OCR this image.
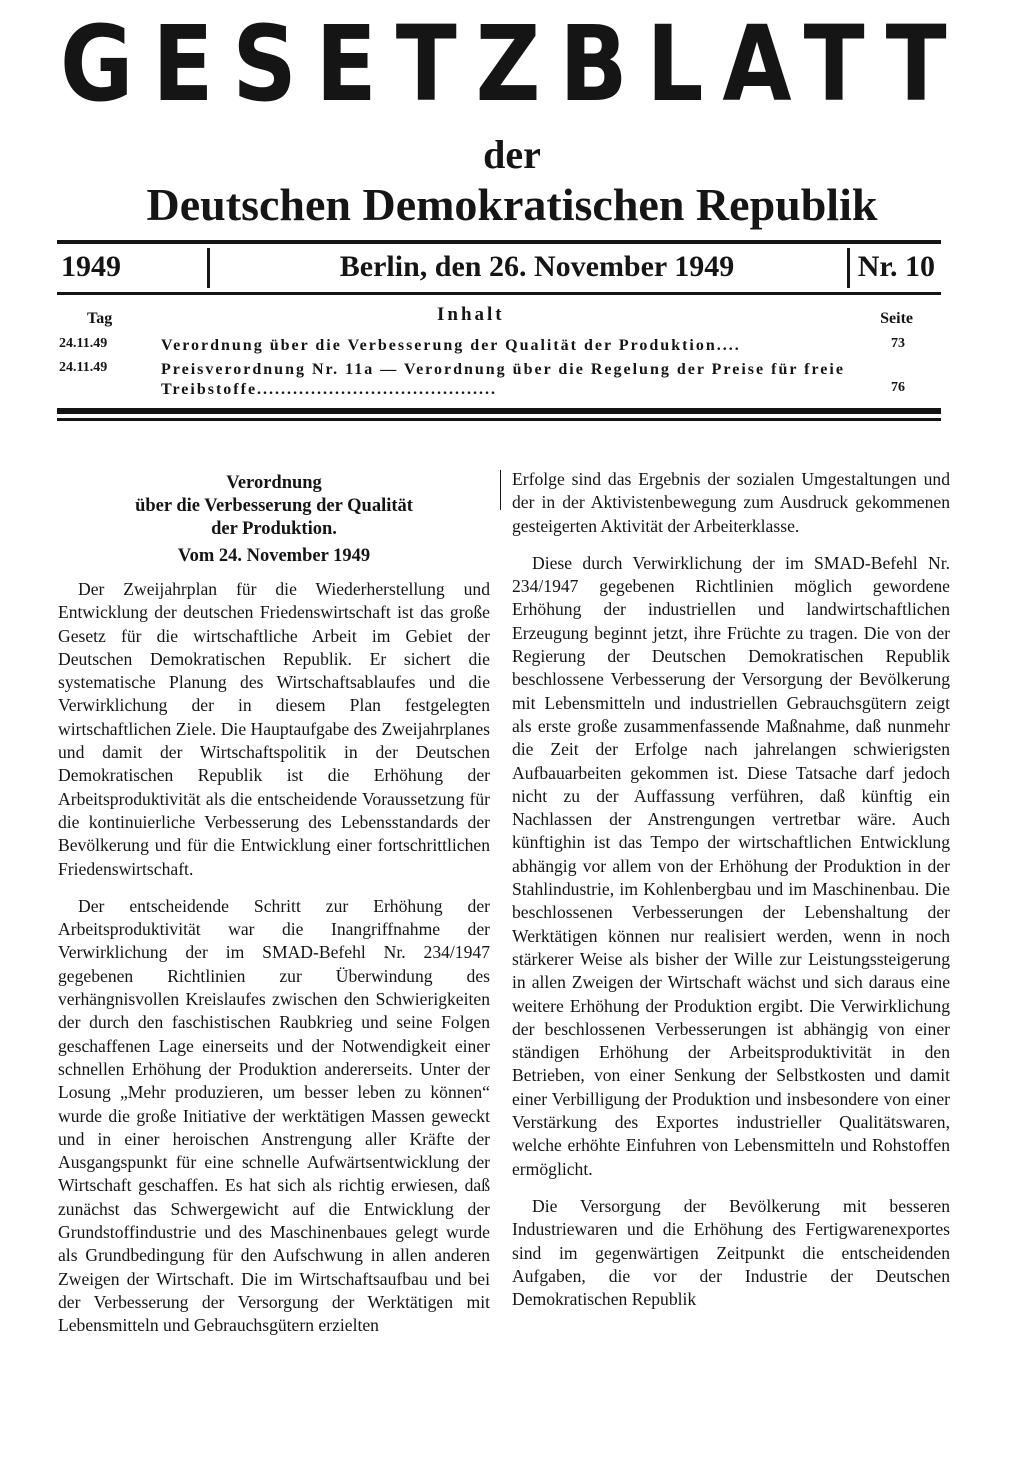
GESETZBLATT
der
Deutschen Demokratischen Republik
1949	Berlin, den 26. November 1949	Nr. 10
Tag	Inhalt	Seite
24.11.49	Verordnung über die Verbesserung der Qualität der Produktion....	73
24.11.49	Preisverordnung Nr. 11a — Verordnung über die Regelung der Preise für freie Treibstoffe........................................	76
Verordnung
über die Verbesserung der Qualität
der Produktion.
Vom 24. November 1949

Der Zweijahrplan für die Wiederherstellung und Entwicklung der deutschen Friedenswirtschaft ist das große Gesetz für die wirtschaftliche Arbeit im Gebiet der Deutschen Demokratischen Republik. Er sichert die systematische Planung des Wirtschaftsablaufes und die Verwirklichung der in diesem Plan festgelegten wirtschaftlichen Ziele. Die Hauptaufgabe des Zweijahrplanes und damit der Wirtschaftspolitik in der Deutschen Demokratischen Republik ist die Erhöhung der Arbeitsproduktivität als die entscheidende Voraussetzung für die kontinuierliche Verbesserung des Lebensstandards der Bevölkerung und für die Entwicklung einer fortschrittlichen Friedenswirtschaft.

Der entscheidende Schritt zur Erhöhung der Arbeitsproduktivität war die Inangriffnahme der Verwirklichung der im SMAD-Befehl Nr. 234/1947 gegebenen Richtlinien zur Überwindung des verhängnisvollen Kreislaufes zwischen den Schwierigkeiten der durch den faschistischen Raubkrieg und seine Folgen geschaffenen Lage einerseits und der Notwendigkeit einer schnellen Erhöhung der Produktion andererseits. Unter der Losung „Mehr produzieren, um besser leben zu können“ wurde die große Initiative der werktätigen Massen geweckt und in einer heroischen Anstrengung aller Kräfte der Ausgangspunkt für eine schnelle Aufwärtsentwicklung der Wirtschaft geschaffen. Es hat sich als richtig erwiesen, daß zunächst das Schwergewicht auf die Entwicklung der Grundstoffindustrie und des Maschinenbaues gelegt wurde als Grundbedingung für den Aufschwung in allen anderen Zweigen der Wirtschaft. Die im Wirtschaftsaufbau und bei der Verbesserung der Versorgung der Werktätigen mit Lebensmitteln und Gebrauchsgütern erzielten

Erfolge sind das Ergebnis der sozialen Umgestaltungen und der in der Aktivistenbewegung zum Ausdruck gekommenen gesteigerten Aktivität der Arbeiterklasse.

Diese durch Verwirklichung der im SMAD-Befehl Nr. 234/1947 gegebenen Richtlinien möglich gewordene Erhöhung der industriellen und landwirtschaftlichen Erzeugung beginnt jetzt, ihre Früchte zu tragen. Die von der Regierung der Deutschen Demokratischen Republik beschlossene Verbesserung der Versorgung der Bevölkerung mit Lebensmitteln und industriellen Gebrauchsgütern zeigt als erste große zusammenfassende Maßnahme, daß nunmehr die Zeit der Erfolge nach jahrelangen schwierigsten Aufbauarbeiten gekommen ist. Diese Tatsache darf jedoch nicht zu der Auffassung verführen, daß künftig ein Nachlassen der Anstrengungen vertretbar wäre. Auch künftighin ist das Tempo der wirtschaftlichen Entwicklung abhängig vor allem von der Erhöhung der Produktion in der Stahlindustrie, im Kohlenbergbau und im Maschinenbau. Die beschlossenen Verbesserungen der Lebenshaltung der Werktätigen können nur realisiert werden, wenn in noch stärkerer Weise als bisher der Wille zur Leistungssteigerung in allen Zweigen der Wirtschaft wächst und sich daraus eine weitere Erhöhung der Produktion ergibt. Die Verwirklichung der beschlossenen Verbesserungen ist abhängig von einer ständigen Erhöhung der Arbeitsproduktivität in den Betrieben, von einer Senkung der Selbstkosten und damit einer Verbilligung der Produktion und insbesondere von einer Verstärkung des Exportes industrieller Qualitätswaren, welche erhöhte Einfuhren von Lebensmitteln und Rohstoffen ermöglicht.

Die Versorgung der Bevölkerung mit besseren Industriewaren und die Erhöhung des Fertigwarenexportes sind im gegenwärtigen Zeitpunkt die entscheidenden Aufgaben, die vor der Industrie der Deutschen Demokratischen Republik
